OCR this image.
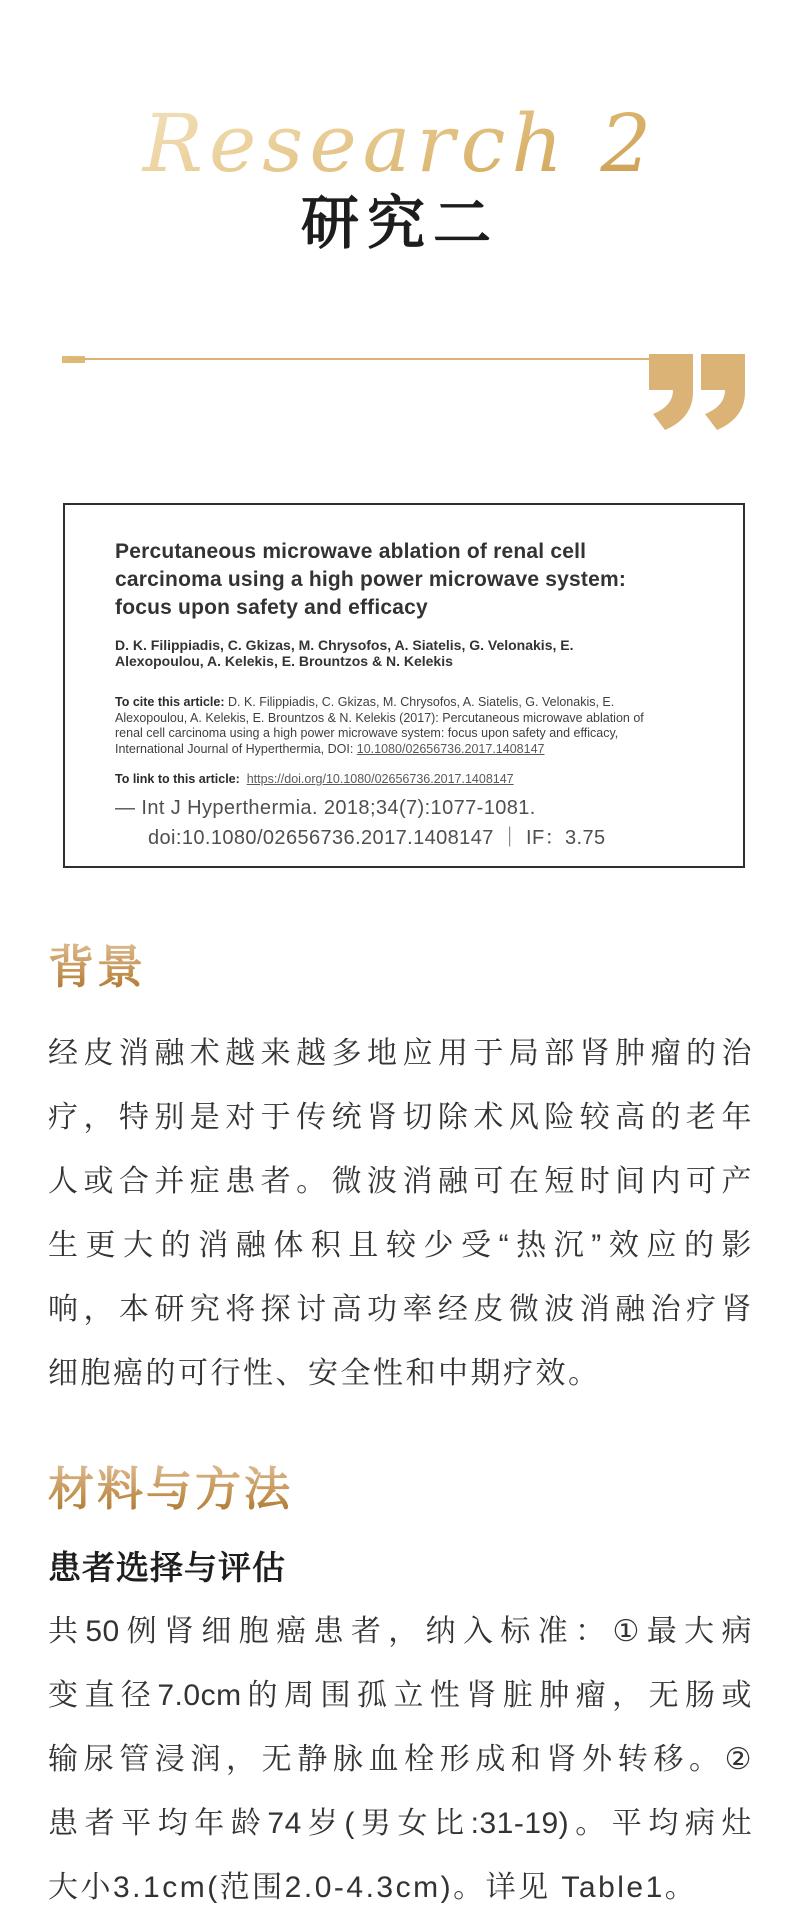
Research 2
研究二
Percutaneous microwave ablation of renal cell carcinoma using a high power microwave system: focus upon safety and efficacy
D. K. Filippiadis, C. Gkizas, M. Chrysofos, A. Siatelis, G. Velonakis, E. Alexopoulou, A. Kelekis, E. Brountzos & N. Kelekis

To cite this article: D. K. Filippiadis, C. Gkizas, M. Chrysofos, A. Siatelis, G. Velonakis, E. Alexopoulou, A. Kelekis, E. Brountzos & N. Kelekis (2017): Percutaneous microwave ablation of renal cell carcinoma using a high power microwave system: focus upon safety and efficacy, International Journal of Hyperthermia, DOI: 10.1080/02656736.2017.1408147

To link to this article: https://doi.org/10.1080/02656736.2017.1408147

— Int J Hyperthermia. 2018;34(7):1077-1081.
doi:10.1080/02656736.2017.1408147 ｜ IF：3.75
背景
经皮消融术越来越多地应用于局部肾肿瘤的治
疗，特别是对于传统肾切除术风险较高的老年
人或合并症患者。微波消融可在短时间内可产
生更大的消融体积且较少受“热沉”效应的影
响，本研究将探讨高功率经皮微波消融治疗肾
细胞癌的可行性、安全性和中期疗效。
材料与方法
患者选择与评估
共50例肾细胞癌患者，纳入标准：①最大病
变直径7.0cm的周围孤立性肾脏肿瘤，无肠或
输尿管浸润，无静脉血栓形成和肾外转移。②
患者平均年龄74岁(男女比:31-19)。平均病灶
大小3.1cm(范围2.0-4.3cm)。详见 Table1。
